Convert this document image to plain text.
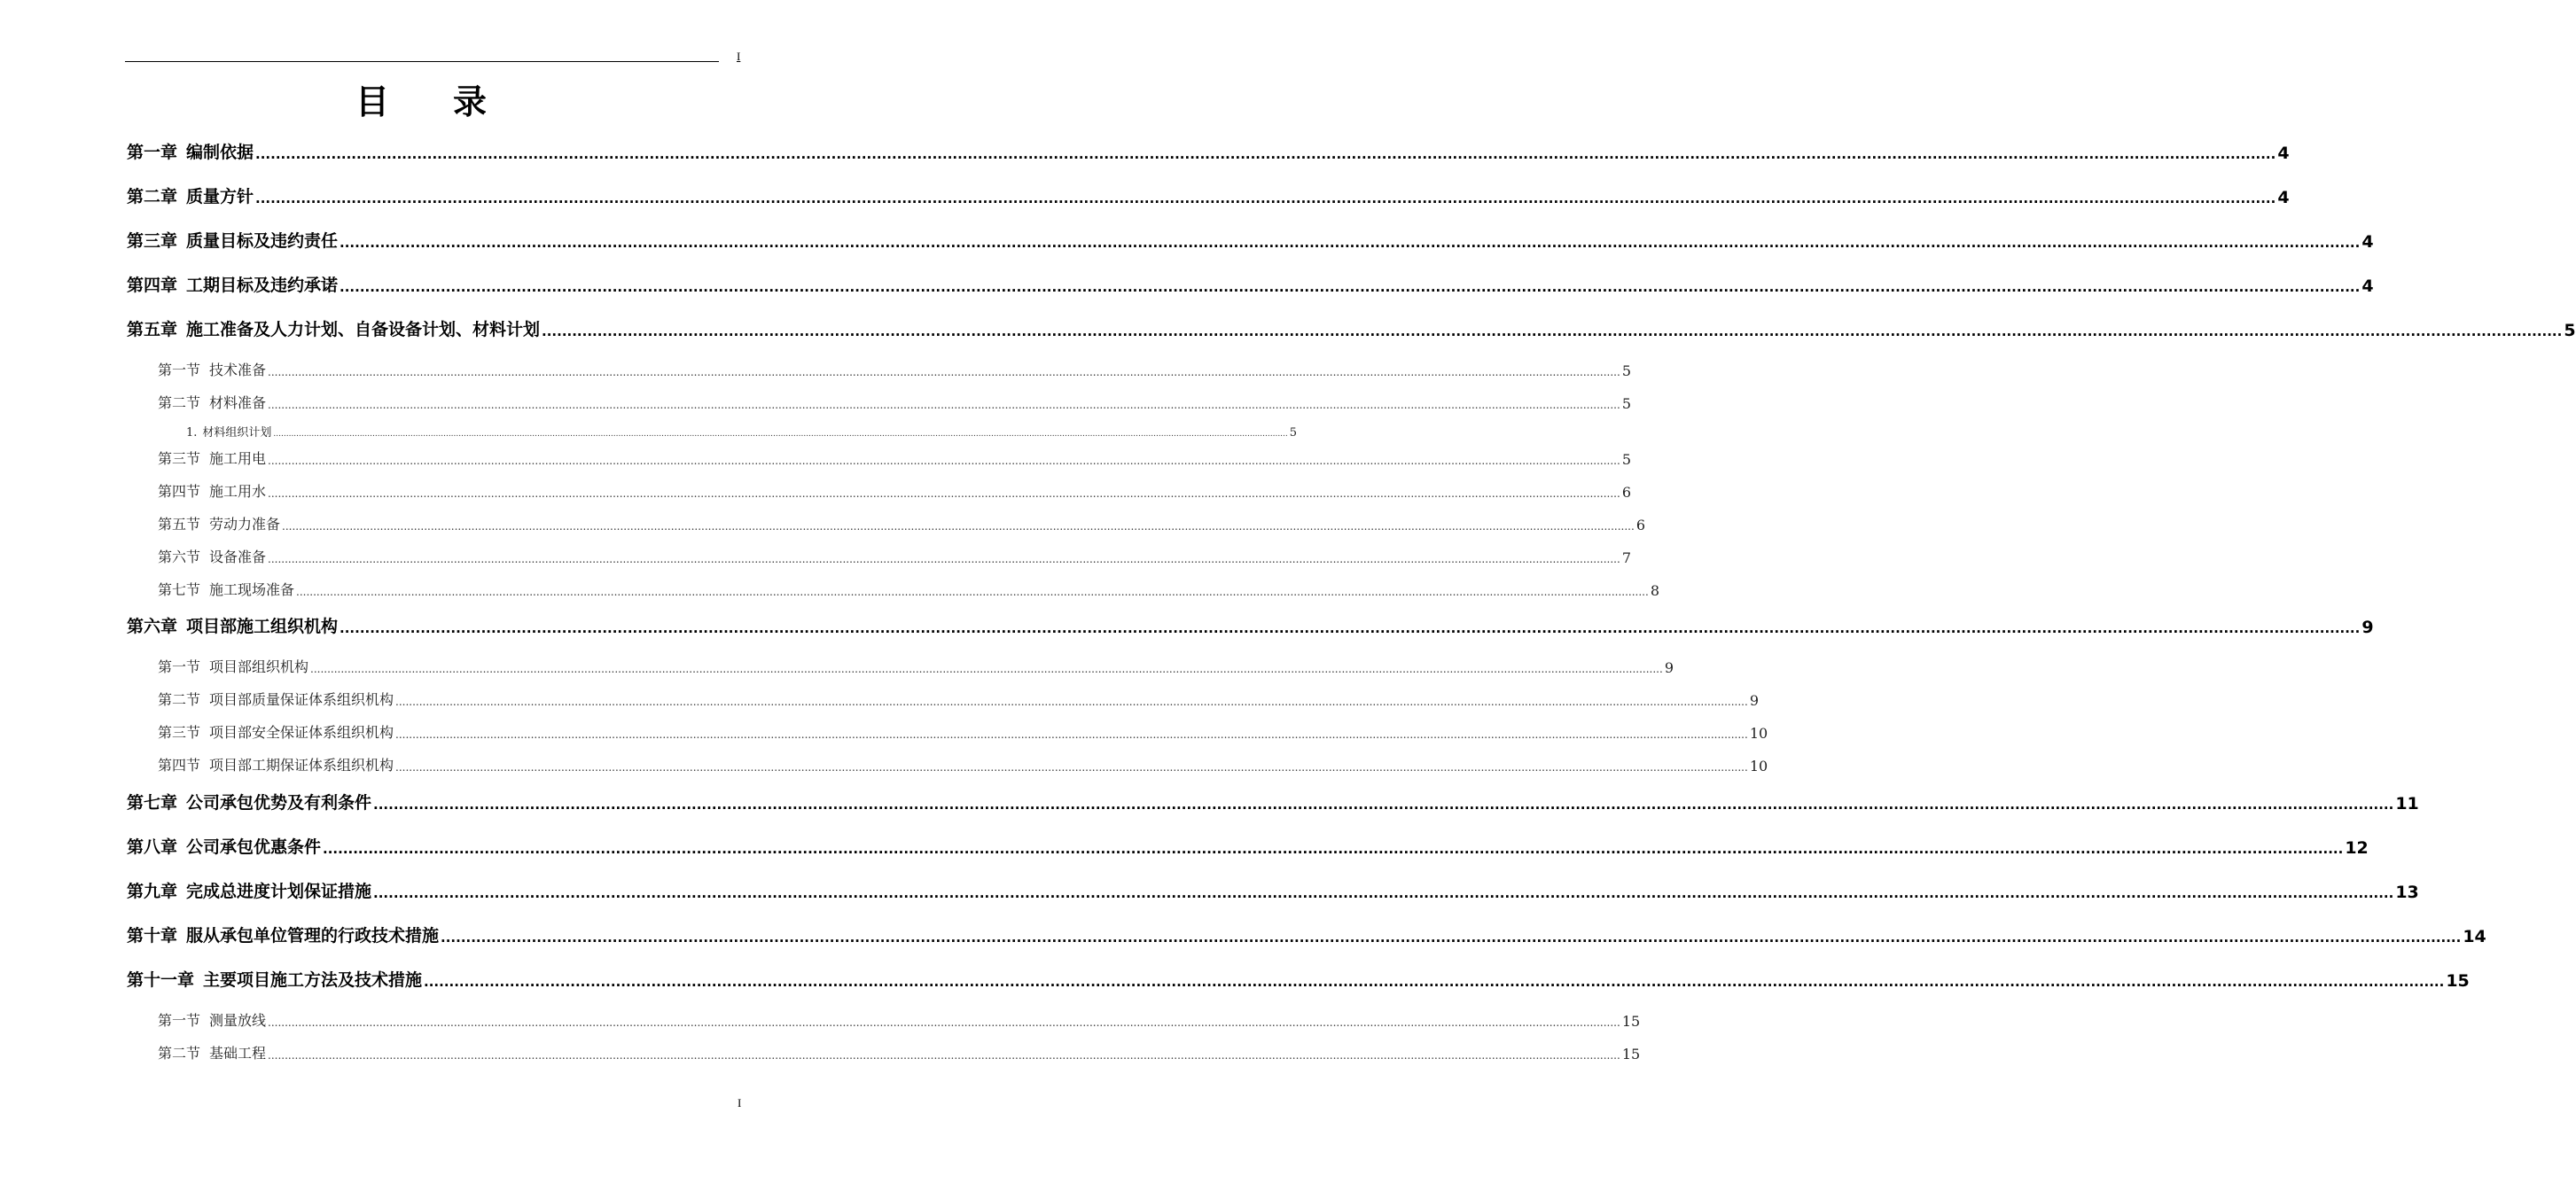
I
目 录
第一章 编制依据 ................................................................................................................................................................................................................................................................................................................................................................................................................ 4
第二章 质量方针 ................................................................................................................................................................................................................................................................................................................................................................................................................ 4
第三章 质量目标及违约责任 ................................................................................................................................................................................................................................................................................................................................................................................................................ 4
第四章 工期目标及违约承诺 ................................................................................................................................................................................................................................................................................................................................................................................................................ 4
第五章 施工准备及人力计划、自备设备计划、材料计划 ................................................................................................................................................................................................................................................................................................................................................................................................................ 5
第一节 技术准备 ................................................................................................................................................................................................................................................................................................................................................................................................................ 5
第二节 材料准备 ................................................................................................................................................................................................................................................................................................................................................................................................................ 5
1. 材料组织计划 ................................................................................................................................................................................................................................................................................................................................................................................................................ 5
第三节 施工用电 ................................................................................................................................................................................................................................................................................................................................................................................................................ 5
第四节 施工用水 ................................................................................................................................................................................................................................................................................................................................................................................................................ 6
第五节 劳动力准备 ................................................................................................................................................................................................................................................................................................................................................................................................................ 6
第六节 设备准备 ................................................................................................................................................................................................................................................................................................................................................................................................................ 7
第七节 施工现场准备 ................................................................................................................................................................................................................................................................................................................................................................................................................ 8
第六章 项目部施工组织机构 ................................................................................................................................................................................................................................................................................................................................................................................................................ 9
第一节 项目部组织机构 ................................................................................................................................................................................................................................................................................................................................................................................................................ 9
第二节 项目部质量保证体系组织机构 ................................................................................................................................................................................................................................................................................................................................................................................................................ 9
第三节 项目部安全保证体系组织机构 ................................................................................................................................................................................................................................................................................................................................................................................................................ 10
第四节 项目部工期保证体系组织机构 ................................................................................................................................................................................................................................................................................................................................................................................................................ 10
第七章 公司承包优势及有利条件 ................................................................................................................................................................................................................................................................................................................................................................................................................ 11
第八章 公司承包优惠条件 ................................................................................................................................................................................................................................................................................................................................................................................................................ 12
第九章 完成总进度计划保证措施 ................................................................................................................................................................................................................................................................................................................................................................................................................ 13
第十章 服从承包单位管理的行政技术措施 ................................................................................................................................................................................................................................................................................................................................................................................................................ 14
第十一章 主要项目施工方法及技术措施 ................................................................................................................................................................................................................................................................................................................................................................................................................ 15
第一节 测量放线 ................................................................................................................................................................................................................................................................................................................................................................................................................ 15
第二节 基础工程 ................................................................................................................................................................................................................................................................................................................................................................................................................ 15
I
